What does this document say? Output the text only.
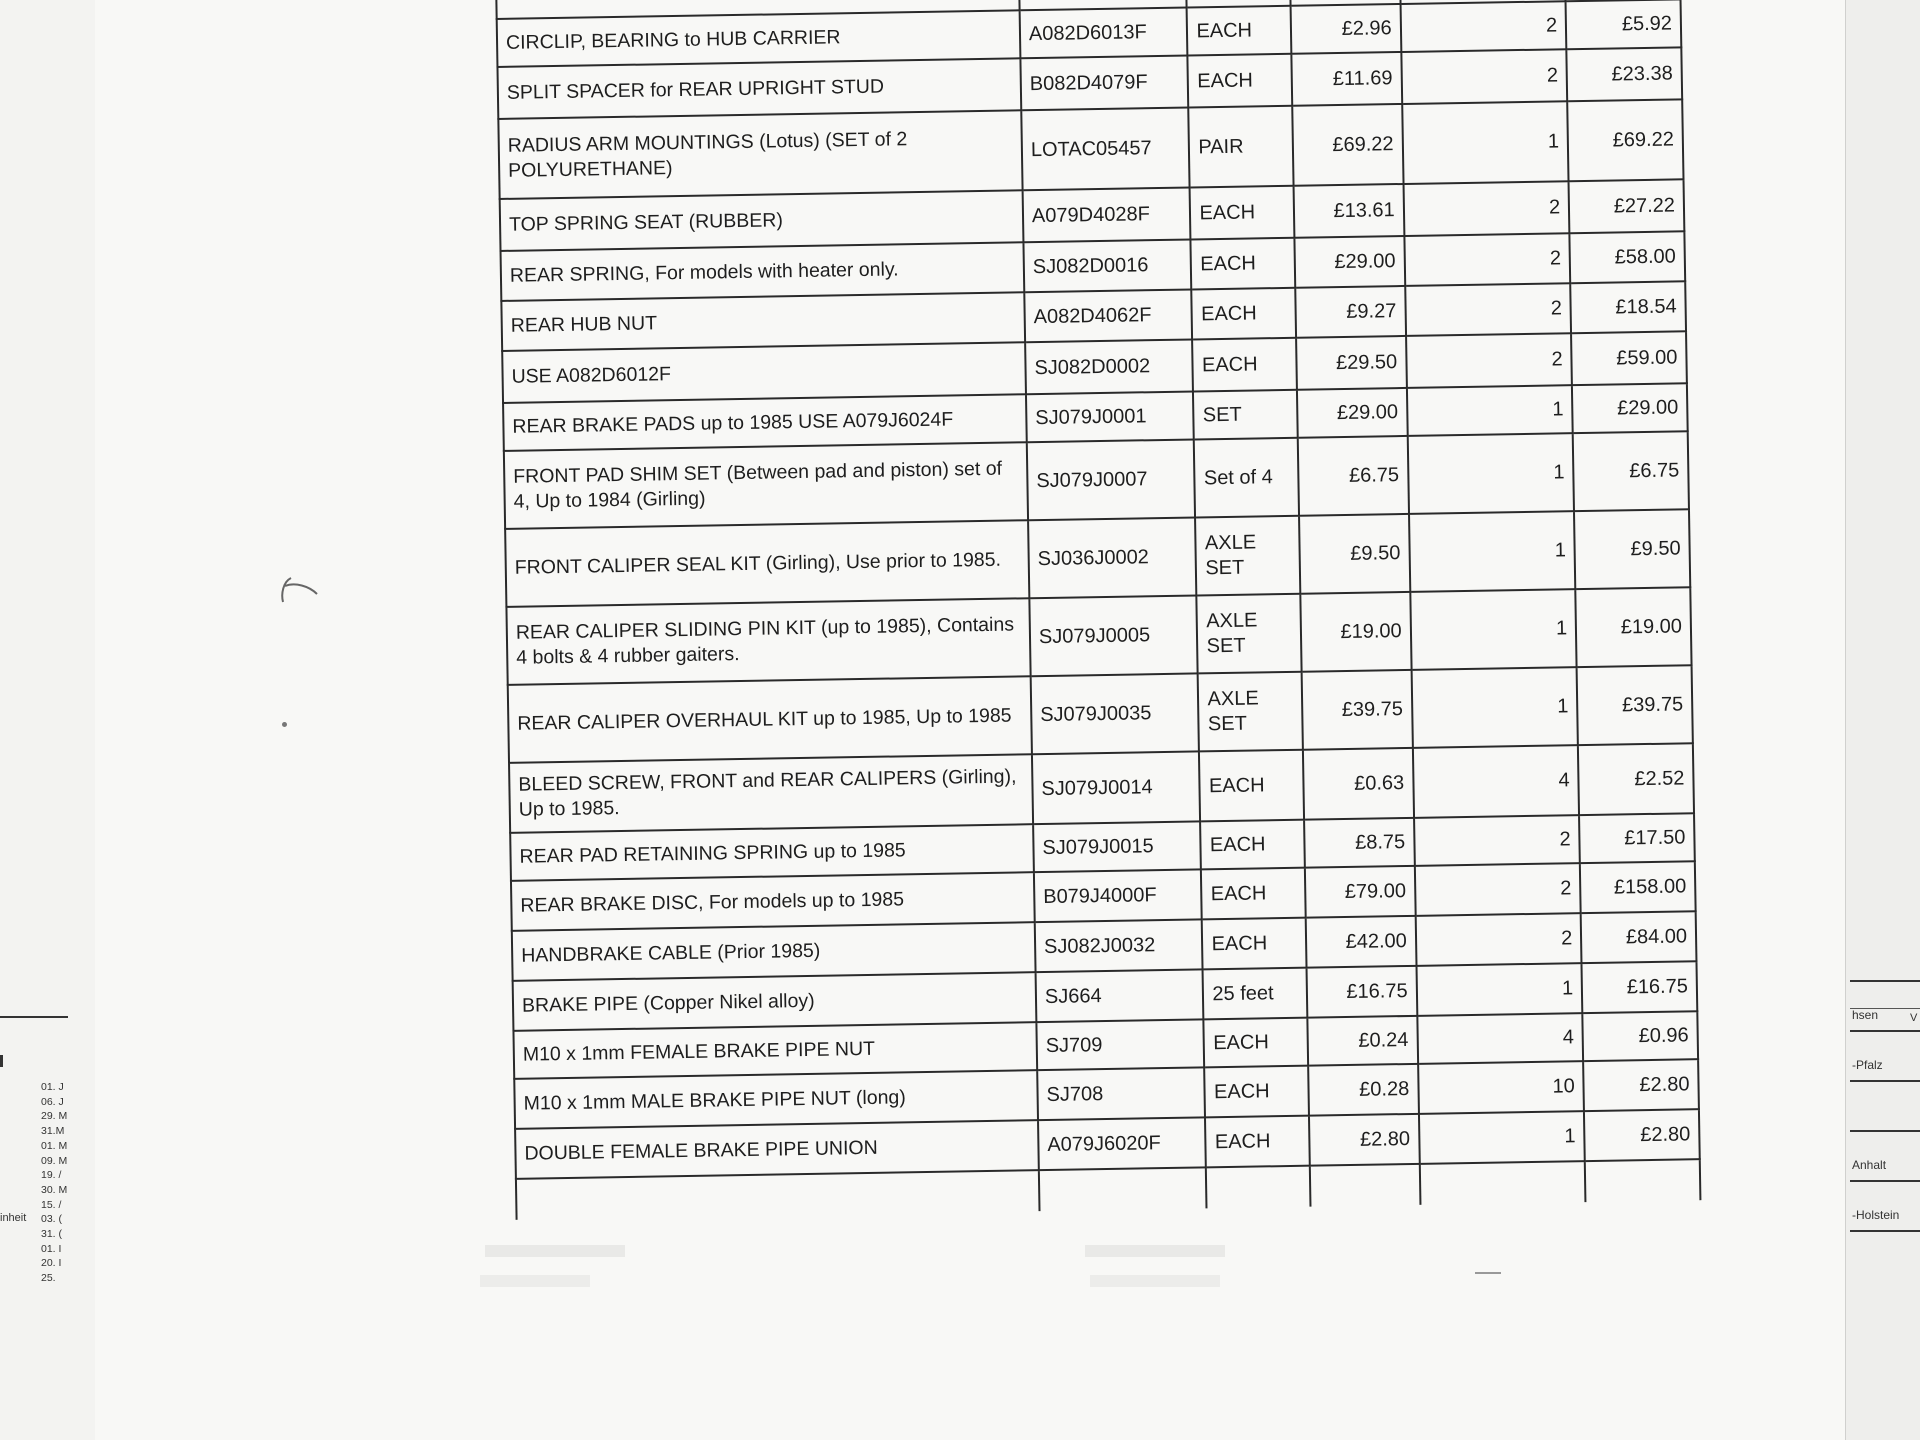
01. J
06. J
29. M
31.M
01. M
09. M
19. /
30. M
15. /
03. (
31. (
01. I
20. I
25.
inheit

CIRCLIP, BEARING to HUB CARRIER	A082D6013F	EACH	£2.96	2	£5.92
SPLIT SPACER for REAR UPRIGHT STUD	B082D4079F	EACH	£11.69	2	£23.38
RADIUS ARM MOUNTINGS (Lotus) (SET of 2 POLYURETHANE)	LOTAC05457	PAIR	£69.22	1	£69.22
TOP SPRING SEAT (RUBBER)	A079D4028F	EACH	£13.61	2	£27.22
REAR SPRING, For models with heater only.	SJ082D0016	EACH	£29.00	2	£58.00
REAR HUB NUT	A082D4062F	EACH	£9.27	2	£18.54
USE A082D6012F	SJ082D0002	EACH	£29.50	2	£59.00
REAR BRAKE PADS up to 1985 USE A079J6024F	SJ079J0001	SET	£29.00	1	£29.00
FRONT PAD SHIM SET (Between pad and piston) set of 4, Up to 1984 (Girling)	SJ079J0007	Set of 4	£6.75	1	£6.75
FRONT CALIPER SEAL KIT (Girling), Use prior to 1985.	SJ036J0002	AXLE SET	£9.50	1	£9.50
REAR CALIPER SLIDING PIN KIT (up to 1985), Contains 4 bolts & 4 rubber gaiters.	SJ079J0005	AXLE SET	£19.00	1	£19.00
REAR CALIPER OVERHAUL KIT up to 1985, Up to 1985	SJ079J0035	AXLE SET	£39.75	1	£39.75
BLEED SCREW, FRONT and REAR CALIPERS (Girling), Up to 1985.	SJ079J0014	EACH	£0.63	4	£2.52
REAR PAD RETAINING SPRING up to 1985	SJ079J0015	EACH	£8.75	2	£17.50
REAR BRAKE DISC, For models up to 1985	B079J4000F	EACH	£79.00	2	£158.00
HANDBRAKE CABLE (Prior 1985)	SJ082J0032	EACH	£42.00	2	£84.00
BRAKE PIPE (Copper Nikel alloy)	SJ664	25 feet	£16.75	1	£16.75
M10 x 1mm FEMALE BRAKE PIPE NUT	SJ709	EACH	£0.24	4	£0.96
M10 x 1mm MALE BRAKE PIPE NUT (long)	SJ708	EACH	£0.28	10	£2.80
DOUBLE FEMALE BRAKE PIPE UNION	A079J6020F	EACH	£2.80	1	£2.80

V
hsen
-Pfalz
Anhalt
-Holstein
